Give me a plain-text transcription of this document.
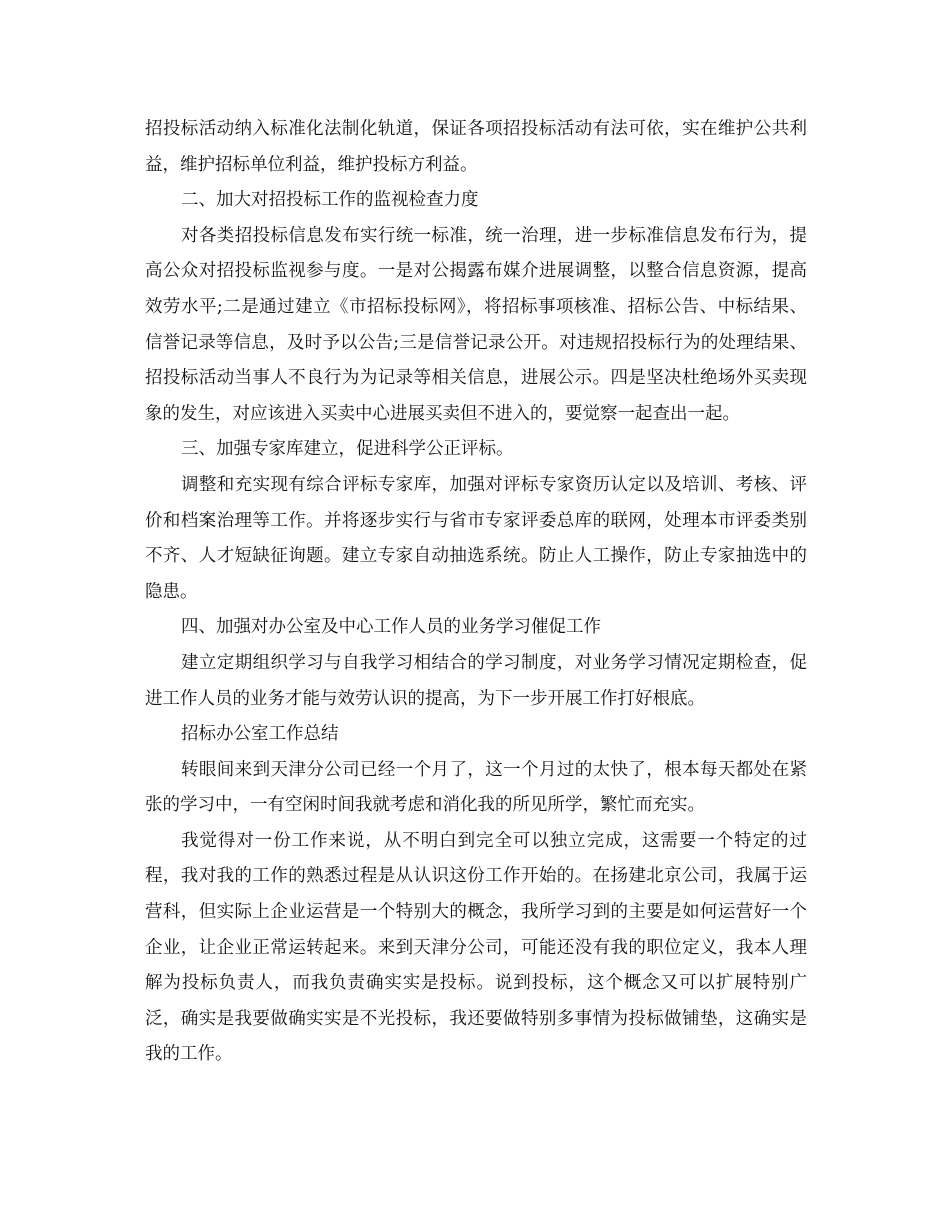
招投标活动纳入标准化法制化轨道，保证各项招投标活动有法可依，实在维护公共利益，维护招标单位利益，维护投标方利益。

二、加大对招投标工作的监视检查力度

对各类招投标信息发布实行统一标准，统一治理，进一步标准信息发布行为，提高公众对招投标监视参与度。一是对公揭露布媒介进展调整，以整合信息资源，提高效劳水平;二是通过建立《市招标投标网》，将招标事项核准、招标公告、中标结果、信誉记录等信息，及时予以公告;三是信誉记录公开。对违规招投标行为的处理结果、招投标活动当事人不良行为为记录等相关信息，进展公示。四是坚决杜绝场外买卖现象的发生，对应该进入买卖中心进展买卖但不进入的，要觉察一起查出一起。

三、加强专家库建立，促进科学公正评标。

调整和充实现有综合评标专家库，加强对评标专家资历认定以及培训、考核、评价和档案治理等工作。并将逐步实行与省市专家评委总库的联网，处理本市评委类别不齐、人才短缺征询题。建立专家自动抽选系统。防止人工操作，防止专家抽选中的隐患。

四、加强对办公室及中心工作人员的业务学习催促工作

建立定期组织学习与自我学习相结合的学习制度，对业务学习情况定期检查，促进工作人员的业务才能与效劳认识的提高，为下一步开展工作打好根底。

招标办公室工作总结

转眼间来到天津分公司已经一个月了，这一个月过的太快了，根本每天都处在紧张的学习中，一有空闲时间我就考虑和消化我的所见所学，繁忙而充实。

我觉得对一份工作来说，从不明白到完全可以独立完成，这需要一个特定的过程，我对我的工作的熟悉过程是从认识这份工作开始的。在扬建北京公司，我属于运营科，但实际上企业运营是一个特别大的概念，我所学习到的主要是如何运营好一个企业，让企业正常运转起来。来到天津分公司，可能还没有我的职位定义，我本人理解为投标负责人，而我负责确实实是投标。说到投标，这个概念又可以扩展特别广泛，确实是我要做确实实是不光投标，我还要做特别多事情为投标做铺垫，这确实是我的工作。
